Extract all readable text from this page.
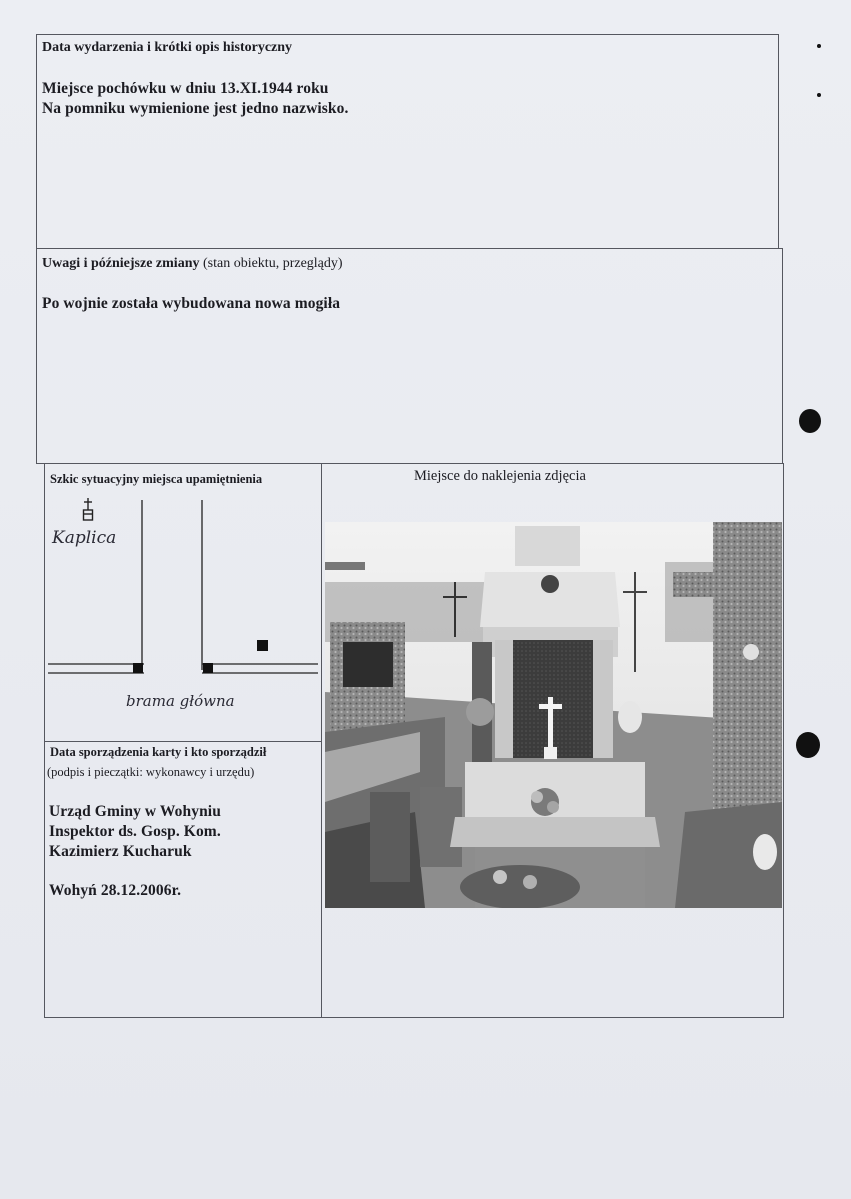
Data wydarzenia i krótki opis historyczny
Miejsce pochówku w dniu 13.XI.1944 roku
Na pomniku wymienione jest jedno nazwisko.
Uwagi i późniejsze zmiany (stan obiektu, przeglądy)
Po wojnie została wybudowana nowa mogiła
Szkic sytuacyjny miejsca upamiętnienia
Kaplica
brama główna
Data sporządzenia karty i kto sporządził
(podpis i pieczątki: wykonawcy i urzędu)
Urząd Gminy w Wohyniu
Inspektor ds. Gosp. Kom.
Kazimierz Kucharuk
Wohyń 28.12.2006r.
Miejsce do naklejenia zdjęcia
